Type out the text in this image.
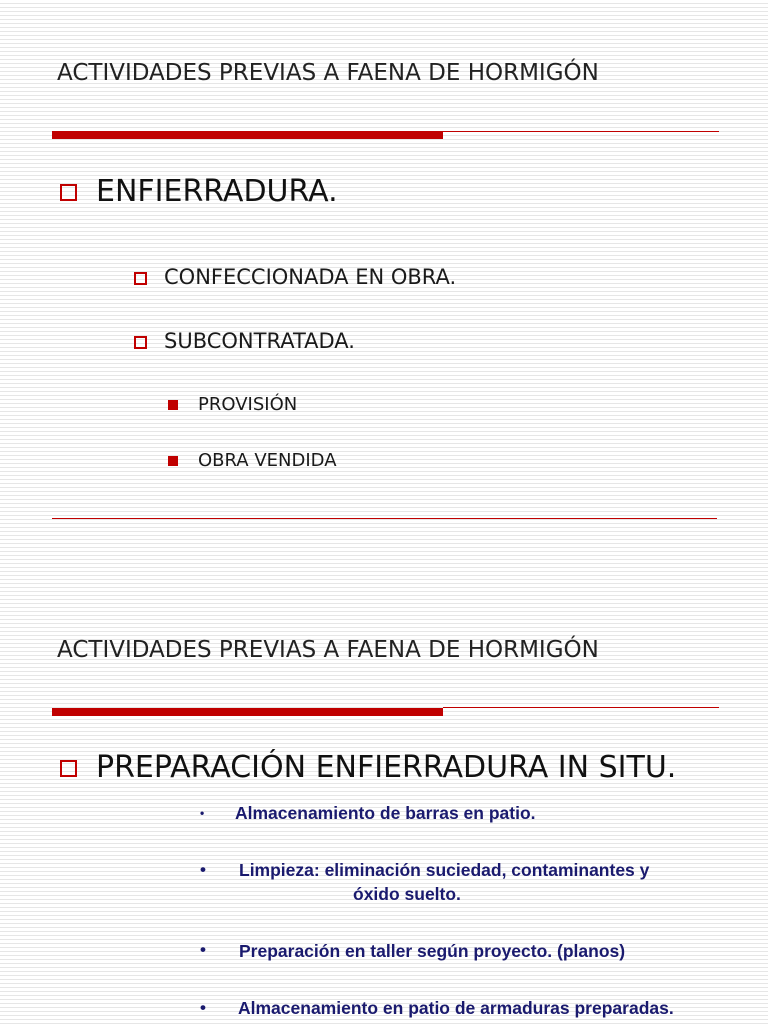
ACTIVIDADES PREVIAS A FAENA DE HORMIGÓN
ENFIERRADURA.
CONFECCIONADA EN OBRA.
SUBCONTRATADA.
PROVISIÓN
OBRA VENDIDA
ACTIVIDADES PREVIAS A FAENA DE HORMIGÓN
PREPARACIÓN ENFIERRADURA IN SITU.
• Almacenamiento de barras en patio.
• Limpieza: eliminación suciedad, contaminantes y
óxido suelto.
• Preparación en taller según proyecto. (planos)
• Almacenamiento en patio de armaduras preparadas.
